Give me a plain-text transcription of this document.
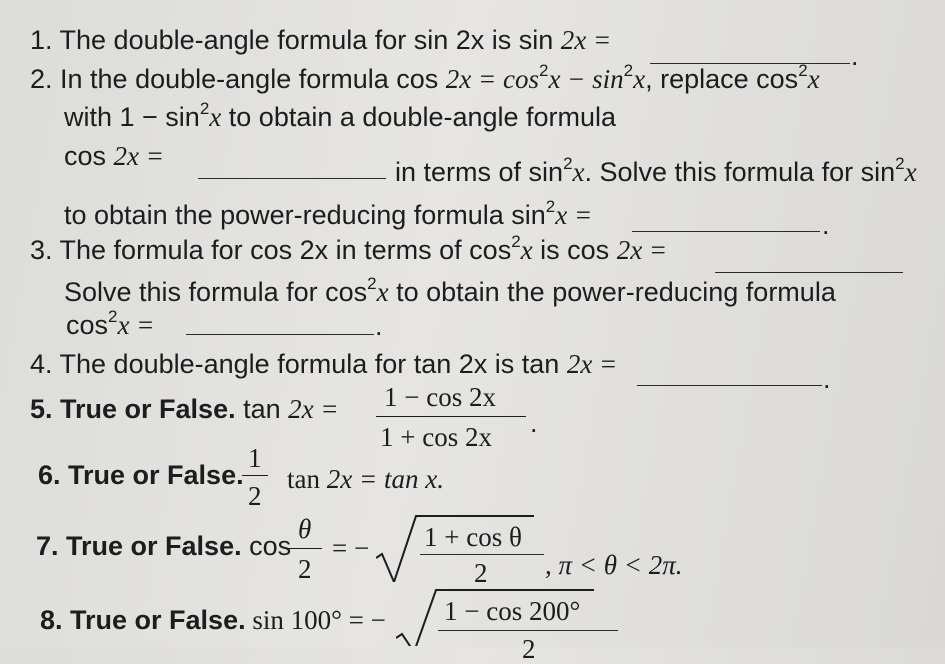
1. The double-angle formula for sin 2x is sin 2x =
.
2. In the double-angle formula $\cos 2x = \cos^2x - \sin^2x$, replace $\cos^2x$
with $1 - \sin^2x$ to obtain a double-angle formula
cos 2x =
in terms of $\sin^2x$. Solve this formula for $\sin^2x$
to obtain the power-reducing formula $\sin^2x$ =	.
3. The formula for cos 2x in terms of $\cos^2x$ is cos 2x =
Solve this formula for $\cos^2x$ to obtain the power-reducing formula
$\cos^2x$ =	.
4. The double-angle formula for tan 2x is tan 2x =	.
5. True or False. tan 2x = 1 − cos 2x
1 + cos 2x .
6. True or False.
1
2
tan 2x = tan x.
7. True or False. cos
θ
2
= − 1 + cos θ
2 , π < θ < 2π.
8. True or False. sin 100° = − 1 − cos 200°
2
